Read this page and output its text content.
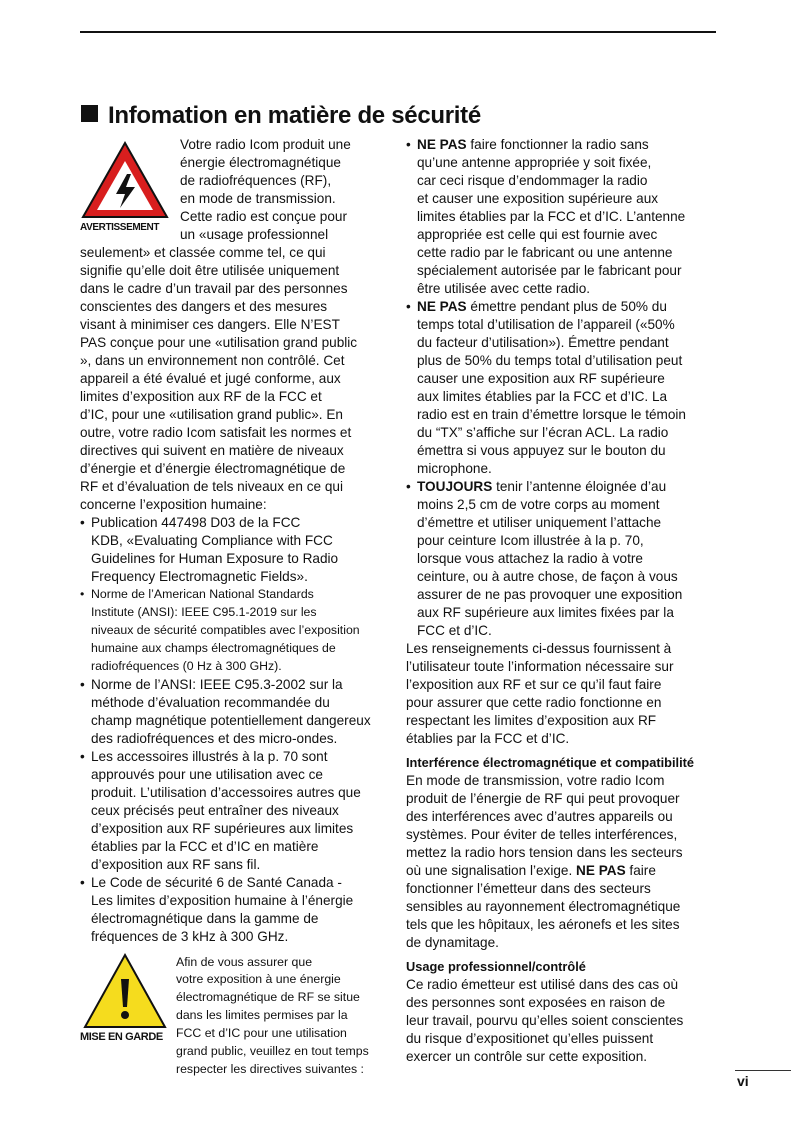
Infomation en matière de sécurité
AVERTISSEMENT
MISE EN GARDE
Votre radio Icom produit une
énergie électromagnétique
de radiofréquences (RF),
en mode de transmission.
Cette radio est conçue pour
un «usage professionnel
seulement» et classée comme tel, ce qui
signifie qu’elle doit être utilisée uniquement
dans le cadre d’un travail par des personnes
conscientes des dangers et des mesures
visant à minimiser ces dangers. Elle N’EST
PAS conçue pour une «utilisation grand public
», dans un environnement non contrôlé. Cet
appareil a été évalué et jugé conforme, aux
limites d’exposition aux RF de la FCC et
d’IC, pour une «utilisation grand public». En
outre, votre radio Icom satisfait les normes et
directives qui suivent en matière de niveaux
d’énergie et d’énergie électromagnétique de
RF et d’évaluation de tels niveaux en ce qui
concerne l’exposition humaine:
• Publication 447498 D03 de la FCC
KDB, «Evaluating Compliance with FCC
Guidelines for Human Exposure to Radio
Frequency Electromagnetic Fields».
• Norme de l’American National Standards
Institute (ANSI): IEEE C95.1-2019 sur les
niveaux de sécurité compatibles avec l’exposition
humaine aux champs électromagnétiques de
radiofréquences (0 Hz à 300 GHz).
• Norme de l’ANSI: IEEE C95.3-2002 sur la
méthode d’évaluation recommandée du
champ magnétique potentiellement dangereux
des radiofréquences et des micro-ondes.
• Les accessoires illustrés à la p. 70 sont
approuvés pour une utilisation avec ce
produit. L’utilisation d’accessoires autres que
ceux précisés peut entraîner des niveaux
d’exposition aux RF supérieures aux limites
établies par la FCC et d’IC en matière
d’exposition aux RF sans fil.
• Le Code de sécurité 6 de Santé Canada -
Les limites d’exposition humaine à l’énergie
électromagnétique dans la gamme de
fréquences de 3 kHz à 300 GHz.
Afin de vous assurer que
votre exposition à une énergie
électromagnétique de RF se situe
dans les limites permises par la
FCC et d’IC pour une utilisation
grand public, veuillez en tout temps
respecter les directives suivantes :
• NE PAS faire fonctionner la radio sans
qu’une antenne appropriée y soit fixée,
car ceci risque d’endommager la radio
et causer une exposition supérieure aux
limites établies par la FCC et d’IC. L’antenne
appropriée est celle qui est fournie avec
cette radio par le fabricant ou une antenne
spécialement autorisée par le fabricant pour
être utilisée avec cette radio.
• NE PAS émettre pendant plus de 50% du
temps total d’utilisation de l’appareil («50%
du facteur d’utilisation»). Émettre pendant
plus de 50% du temps total d’utilisation peut
causer une exposition aux RF supérieure
aux limites établies par la FCC et d’IC. La
radio est en train d’émettre lorsque le témoin
du “TX” s’affiche sur l’écran ACL. La radio
émettra si vous appuyez sur le bouton du
microphone.
• TOUJOURS tenir l’antenne éloignée d’au
moins 2,5 cm de votre corps au moment
d’émettre et utiliser uniquement l’attache
pour ceinture Icom illustrée à la p. 70,
lorsque vous attachez la radio à votre
ceinture, ou à autre chose, de façon à vous
assurer de ne pas provoquer une exposition
aux RF supérieure aux limites fixées par la
FCC et d’IC.
Les renseignements ci-dessus fournissent à
l’utilisateur toute l’information nécessaire sur
l’exposition aux RF et sur ce qu’il faut faire
pour assurer que cette radio fonctionne en
respectant les limites d’exposition aux RF
établies par la FCC et d’IC.
Interférence électromagnétique et compatibilité
En mode de transmission, votre radio Icom
produit de l’énergie de RF qui peut provoquer
des interférences avec d’autres appareils ou
systèmes. Pour éviter de telles interférences,
mettez la radio hors tension dans les secteurs
où une signalisation l’exige. NE PAS faire
fonctionner l’émetteur dans des secteurs
sensibles au rayonnement électromagnétique
tels que les hôpitaux, les aéronefs et les sites
de dynamitage.
Usage professionnel/contrôlé
Ce radio émetteur est utilisé dans des cas où
des personnes sont exposées en raison de
leur travail, pourvu qu’elles soient conscientes
du risque d’expositionet qu’elles puissent
exercer un contrôle sur cette exposition.
vi
